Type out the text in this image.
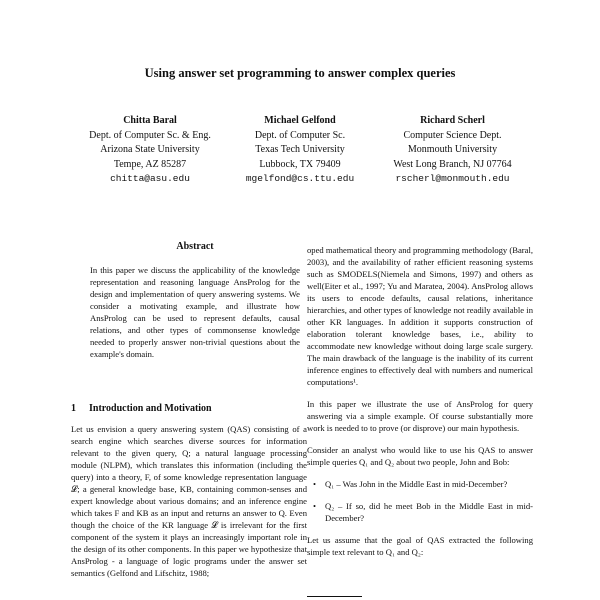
Using answer set programming to answer complex queries
Chitta Baral
Dept. of Computer Sc. & Eng.
Arizona State University
Tempe, AZ 85287
chitta@asu.edu
Michael Gelfond
Dept. of Computer Sc.
Texas Tech University
Lubbock, TX 79409
mgelfond@cs.ttu.edu
Richard Scherl
Computer Science Dept.
Monmouth University
West Long Branch, NJ 07764
rscherl@monmouth.edu
Abstract

In this paper we discuss the applicability of the knowledge representation and reasoning language AnsProlog for the design and implementation of query answering systems. We consider a motivating example, and illustrate how AnsProlog can be used to represent defaults, causal relations, and other types of commonsense knowledge needed to properly answer non-trivial questions about the example's domain.

1 Introduction and Motivation

Let us envision a query answering system (QAS) consisting of a search engine which searches diverse sources for information relevant to the given query, Q; a natural language processing module (NLPM), which translates this information (including the query) into a theory, F, of some knowledge representation language 𝓛; a general knowledge base, KB, containing common-senses and expert knowledge about various domains; and an inference engine which takes F and KB as an input and returns an answer to Q. Even though the choice of the KR language 𝓛 is irrelevant for the first component of the system it plays an increasingly important role in the design of its other components. In this paper we hypothesize that AnsProlog - a language of logic programs under the answer set semantics (Gelfond and Lifschitz, 1988;

oped mathematical theory and programming methodology (Baral, 2003), and the availability of rather efficient reasoning systems such as SMODELS(Niemela and Simons, 1997) and others as well(Eiter et al., 1997; Yu and Maratea, 2004). AnsProlog allows its users to encode defaults, causal relations, inheritance hierarchies, and other types of knowledge not readily available in other KR languages. In addition it supports construction of elaboration tolerant knowledge bases, i.e., ability to accommodate new knowledge without doing large scale surgery. The main drawback of the language is the inability of its current inference engines to effectively deal with numbers and numerical computations¹.

In this paper we illustrate the use of AnsProlog for query answering via a simple example. Of course substantially more work is needed to to prove (or disprove) our main hypothesis.

Consider an analyst who would like to use his QAS to answer simple queries Q₁ and Q₂ about two people, John and Bob:

• Q₁ – Was John in the Middle East in mid-December?

• Q₂ – If so, did he meet Bob in the Middle East in mid-December?

Let us assume that the goal of QAS extracted the following simple text relevant to Q₁ and Q₂:
